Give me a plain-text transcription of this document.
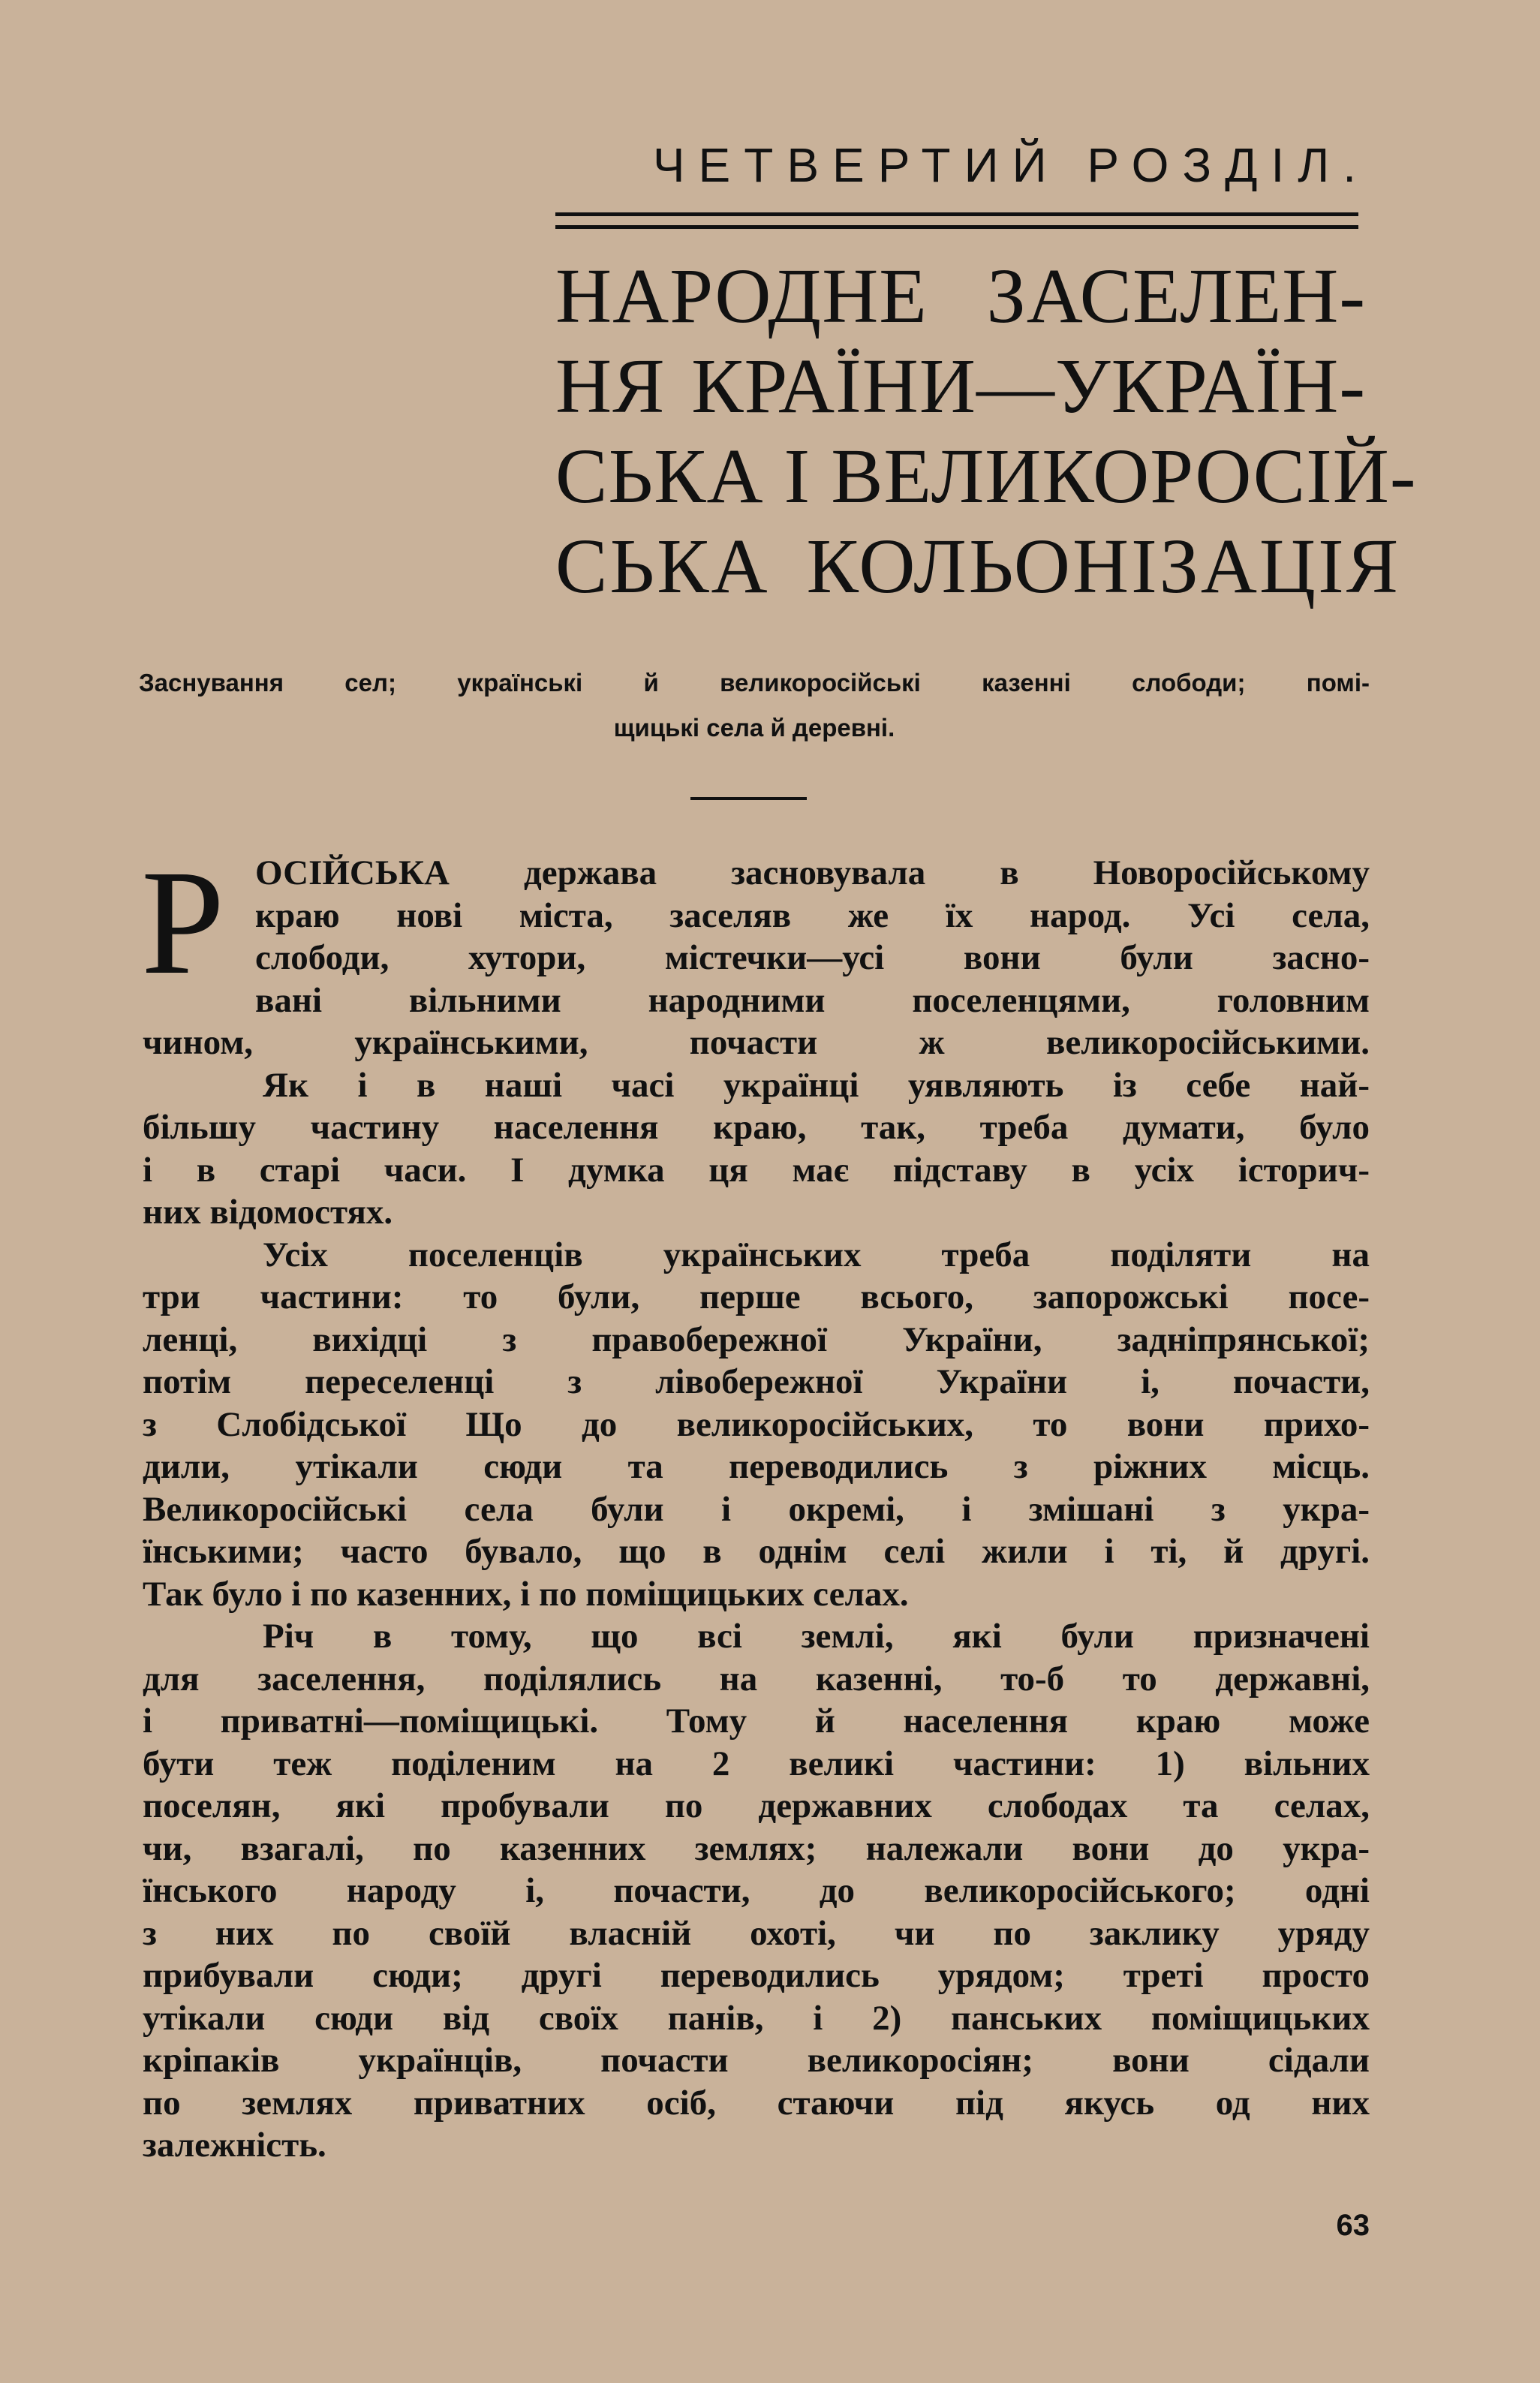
ЧЕТВЕРТИЙ РОЗДІЛ.
НАРОДНЕ ЗАСЕЛЕН-
НЯ КРАЇНИ—УКРАЇН-
СЬКА І ВЕЛИКОРОСІЙ-
СЬКА КОЛЬОНІЗАЦІЯ
Заснування сел; українські й великоросійські казенні слободи; помі-
щицькі села й деревні.
Р ОСІЙСЬКА держава засновувала в Новоросійському
краю нові міста, заселяв же їх народ. Усі села,
слободи, хутори, містечки—усі вони були засно-
вані вільними народними поселенцями, головним
чином, українськими, почасти ж великоросійськими.
Як і в наші часі українці уявляють із себе най-
більшу частину населення краю, так, треба думати, було
і в старі часи. І думка ця має підставу в усіх історич-
них відомостях.
Усіх поселенців українських треба поділяти на
три частини: то були, перше всього, запорожські посе-
ленці, вихідці з правобережної України, задніпрянської;
потім переселенці з лівобережної України і, почасти,
з Слобідської Що до великоросійських, то вони прихо-
дили, утікали сюди та переводились з ріжних місць.
Великоросійські села були і окремі, і змішані з укра-
їнськими; часто бувало, що в однім селі жили і ті, й другі.
Так було і по казенних, і по поміщицьких селах.
Річ в тому, що всі землі, які були призначені
для заселення, поділялись на казенні, то-б то державні,
і приватні—поміщицькі. Тому й населення краю може
бути теж поділеним на 2 великі частини: 1) вільних
поселян, які пробували по державних слободах та селах,
чи, взагалі, по казенних землях; належали вони до укра-
їнського народу і, почасти, до великоросійського; одні
з них по своїй власній охоті, чи по заклику уряду
прибували сюди; другі переводились урядом; треті просто
утікали сюди від своїх панів, і 2) панських поміщицьких
кріпаків українців, почасти великоросіян; вони сідали
по землях приватних осіб, стаючи під якусь од них
залежність.
63
